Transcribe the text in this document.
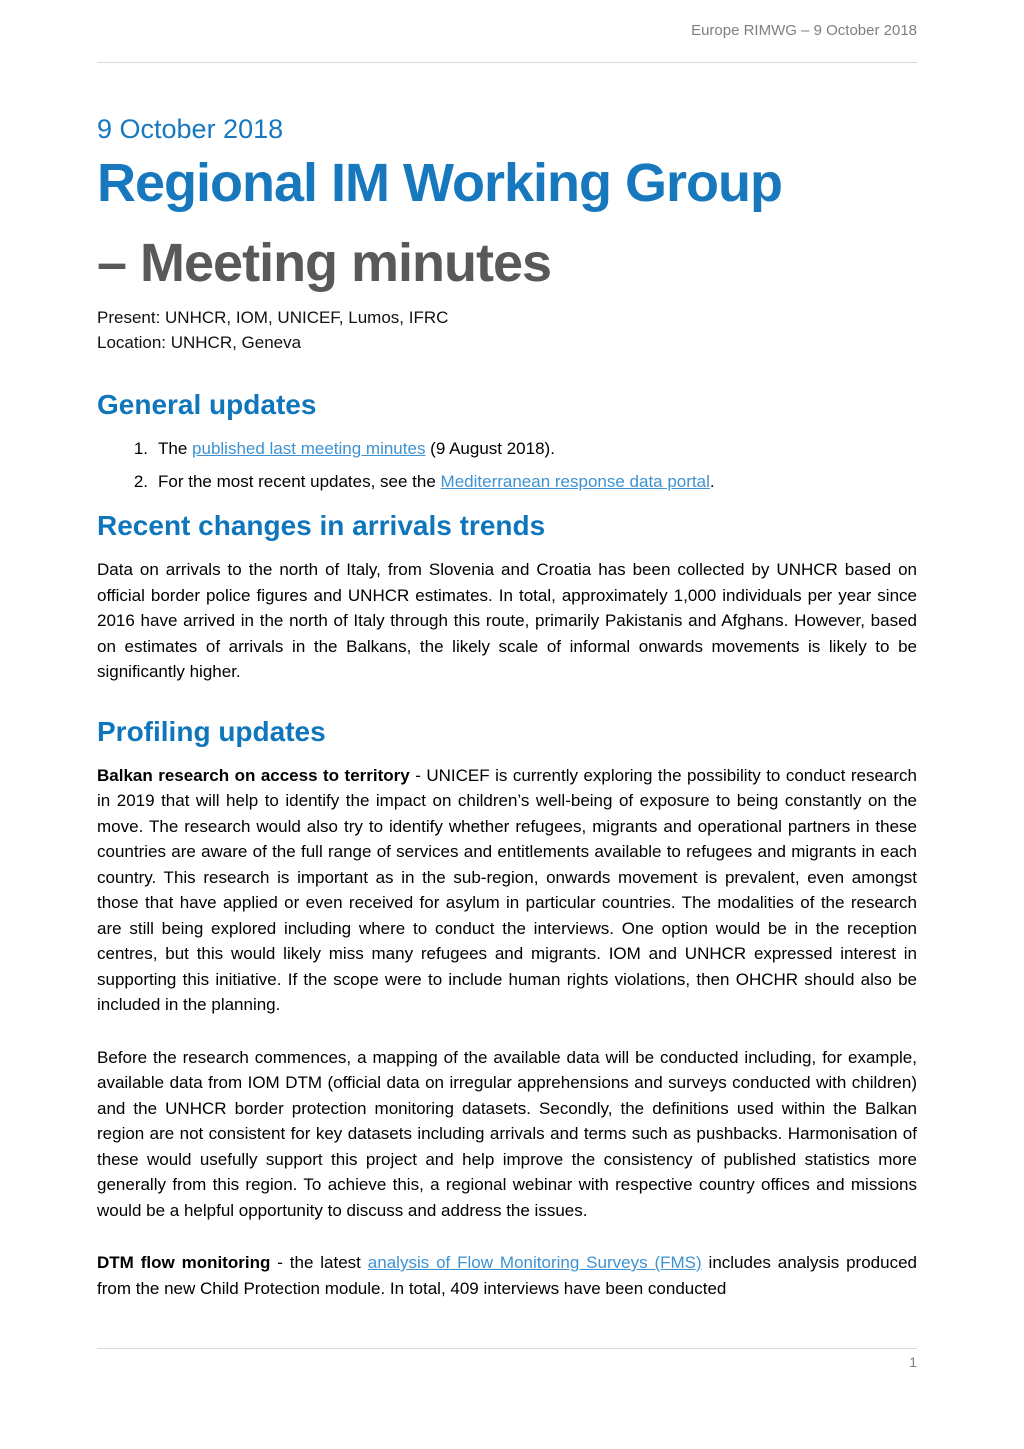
Europe RIMWG – 9 October 2018
9 October 2018
Regional IM Working Group
– Meeting minutes
Present: UNHCR, IOM, UNICEF, Lumos, IFRC
Location: UNHCR, Geneva
General updates
1. The published last meeting minutes (9 August 2018).
2. For the most recent updates, see the Mediterranean response data portal.
Recent changes in arrivals trends

Data on arrivals to the north of Italy, from Slovenia and Croatia has been collected by UNHCR based on official border police figures and UNHCR estimates. In total, approximately 1,000 individuals per year since 2016 have arrived in the north of Italy through this route, primarily Pakistanis and Afghans. However, based on estimates of arrivals in the Balkans, the likely scale of informal onwards movements is likely to be significantly higher.

Profiling updates

Balkan research on access to territory - UNICEF is currently exploring the possibility to conduct research in 2019 that will help to identify the impact on children’s well-being of exposure to being constantly on the move. The research would also try to identify whether refugees, migrants and operational partners in these countries are aware of the full range of services and entitlements available to refugees and migrants in each country. This research is important as in the sub-region, onwards movement is prevalent, even amongst those that have applied or even received for asylum in particular countries. The modalities of the research are still being explored including where to conduct the interviews. One option would be in the reception centres, but this would likely miss many refugees and migrants. IOM and UNHCR expressed interest in supporting this initiative. If the scope were to include human rights violations, then OHCHR should also be included in the planning.

Before the research commences, a mapping of the available data will be conducted including, for example, available data from IOM DTM (official data on irregular apprehensions and surveys conducted with children) and the UNHCR border protection monitoring datasets. Secondly, the definitions used within the Balkan region are not consistent for key datasets including arrivals and terms such as pushbacks. Harmonisation of these would usefully support this project and help improve the consistency of published statistics more generally from this region. To achieve this, a regional webinar with respective country offices and missions would be a helpful opportunity to discuss and address the issues.

DTM flow monitoring - the latest analysis of Flow Monitoring Surveys (FMS) includes analysis produced from the new Child Protection module. In total, 409 interviews have been conducted

1
